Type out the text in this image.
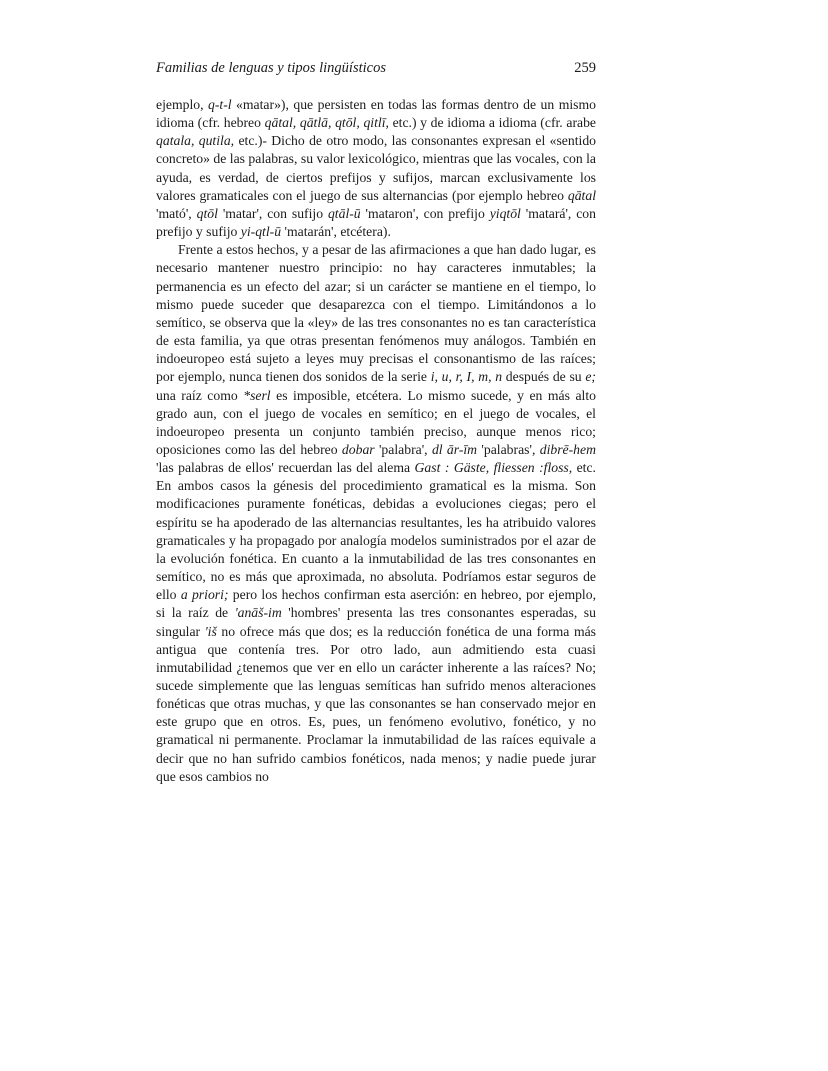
Familias de lenguas y tipos lingüísticos	259

ejemplo, q-t-l «matar»), que persisten en todas las formas dentro de un mismo idioma (cfr. hebreo qātal, qātlā, qtōl, qitlī, etc.) y de idioma a idioma (cfr. arabe qatala, qutila, etc.)- Dicho de otro modo, las consonantes expresan el «sentido concreto» de las palabras, su valor lexicológico, mientras que las vocales, con la ayuda, es verdad, de ciertos prefijos y sufijos, marcan exclusivamente los valores gramaticales con el juego de sus alternancias (por ejemplo hebreo qātal 'mató', qtōl 'matar', con sufijo qtāl-ū 'mataron', con prefijo yiqtōl 'matará', con prefijo y sufijo yi-qtl-ū 'matarán', etcétera).

Frente a estos hechos, y a pesar de las afirmaciones a que han dado lugar, es necesario mantener nuestro principio: no hay caracteres inmutables; la permanencia es un efecto del azar; si un carácter se mantiene en el tiempo, lo mismo puede suceder que desaparezca con el tiempo. Limitándonos a lo semítico, se observa que la «ley» de las tres consonantes no es tan característica de esta familia, ya que otras presentan fenómenos muy análogos. También en indoeuropeo está sujeto a leyes muy precisas el consonantismo de las raíces; por ejemplo, nunca tienen dos sonidos de la serie i, u, r, I, m, n después de su e; una raíz como *serl es imposible, etcétera. Lo mismo sucede, y en más alto grado aun, con el juego de vocales en semítico; en el juego de vocales, el indoeuropeo presenta un conjunto también preciso, aunque menos rico; oposiciones como las del hebreo dobar 'palabra', dl ār-īm 'palabras', dibrē-hem 'las palabras de ellos' recuerdan las del alema Gast : Gäste, fliessen :floss, etc. En ambos casos la génesis del procedimiento gramatical es la misma. Son modificaciones puramente fonéticas, debidas a evoluciones ciegas; pero el espíritu se ha apoderado de las alternancias resultantes, les ha atribuido valores gramaticales y ha propagado por analogía modelos suministrados por el azar de la evolución fonética. En cuanto a la inmutabilidad de las tres consonantes en semítico, no es más que aproximada, no absoluta. Podríamos estar seguros de ello a priori; pero los hechos confirman esta aserción: en hebreo, por ejemplo, si la raíz de 'anāš-im 'hombres' presenta las tres consonantes esperadas, su singular 'iš no ofrece más que dos; es la reducción fonética de una forma más antigua que contenía tres. Por otro lado, aun admitiendo esta cuasi inmutabilidad ¿tenemos que ver en ello un carácter inherente a las raíces? No; sucede simplemente que las lenguas semíticas han sufrido menos alteraciones fonéticas que otras muchas, y que las consonantes se han conservado mejor en este grupo que en otros. Es, pues, un fenómeno evolutivo, fonético, y no gramatical ni permanente. Proclamar la inmutabilidad de las raíces equivale a decir que no han sufrido cambios fonéticos, nada menos; y nadie puede jurar que esos cambios no
